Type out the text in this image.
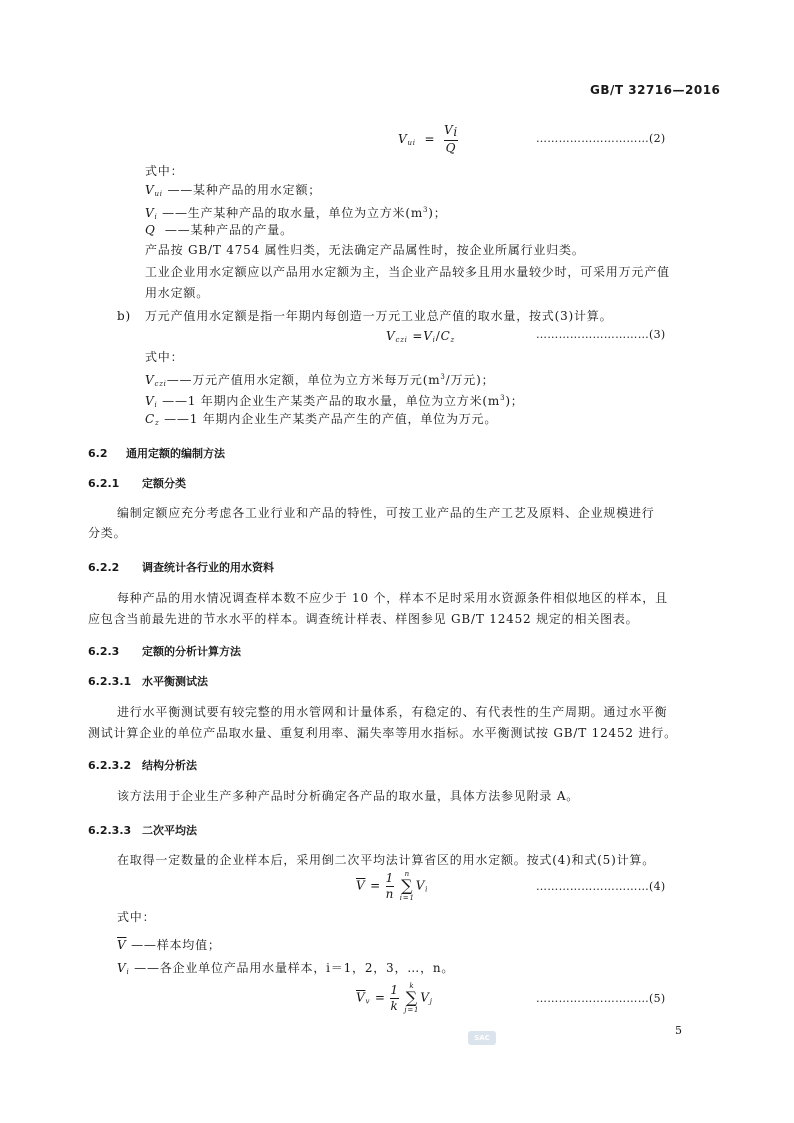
GB/T 32716—2016
$V_{ui} = \frac{Vi}{Q}$	…………………………(2)
式中：
$V_{ui}$ ——某种产品的用水定额；
$V_i$ ——生产某种产品的取水量，单位为立方米$(m^3)$；
Q ——某种产品的产量。
产品按 GB/T 4754 属性归类，无法确定产品属性时，按企业所属行业归类。
工业企业用水定额应以产品用水定额为主，当企业产品较多且用水量较少时，可采用万元产值
用水定额。
b) 万元产值用水定额是指一年期内每创造一万元工业总产值的取水量，按式(3)计算。
$V_{czi} =V_i/C_z$	…………………………(3)
式中：
$V_{czi}——$万元产值用水定额，单位为立方米每万元($m^3/$万元)；
$V_i$ ——1 年期内企业生产某类产品的取水量，单位为立方米$(m^3)$；
$C_z$ ——1 年期内企业生产某类产品产生的产值，单位为万元。
6.2 通用定额的编制方法
6.2.1 定额分类
编制定额应充分考虑各工业行业和产品的特性，可按工业产品的生产工艺及原料、企业规模进行
分类。
6.2.2 调查统计各行业的用水资料
每种产品的用水情况调查样本数不应少于 10 个，样本不足时采用水资源条件相似地区的样本，且
应包含当前最先进的节水水平的样本。调查统计样表、样图参见 GB/T 12452 规定的相关图表。
6.2.3 定额的分析计算方法
6.2.3.1 水平衡测试法
进行水平衡测试要有较完整的用水管网和计量体系，有稳定的、有代表性的生产周期。通过水平衡
测试计算企业的单位产品取水量、重复利用率、漏失率等用水指标。水平衡测试按 GB/T 12452 进行。
6.2.3.2 结构分析法
该方法用于企业生产多种产品时分析确定各产品的取水量，具体方法参见附录 A。
6.2.3.3 二次平均法
在取得一定数量的企业样本后，采用倒二次平均法计算省区的用水定额。按式(4)和式(5)计算。
$\overline{V} = \frac{1}{n}$
n
∑
i=1
$V_i$	…………………………(4)
式中：
$\overline{V}$ ——样本均值；
$V_i$ ——各企业单位产品用水量样本，i＝1，2，3，…，n。
$\overline{V}_v = \frac{1}{k}$
k
∑
j=1
$V_j$	…………………………(5)
5
SAC
